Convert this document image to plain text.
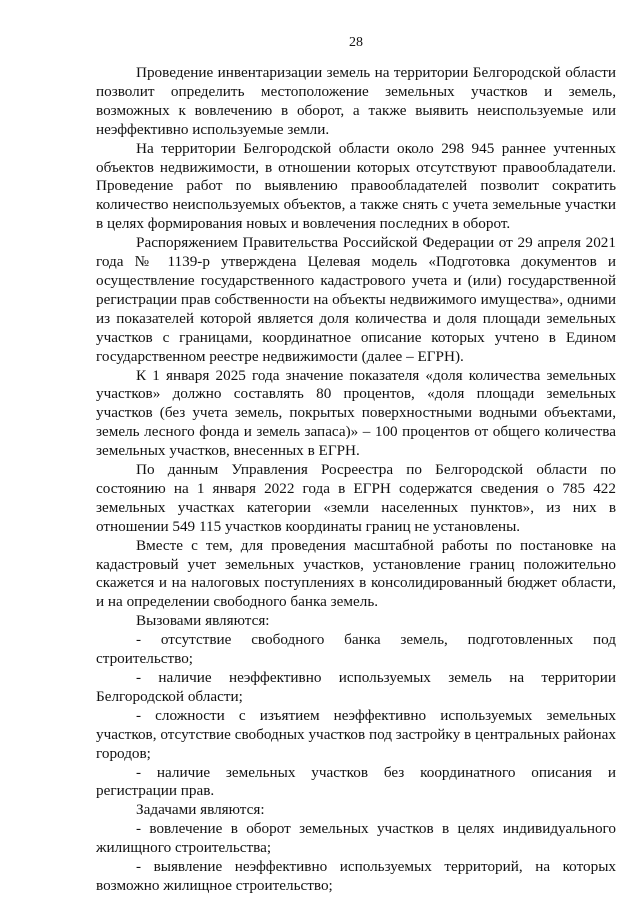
28

Проведение инвентаризации земель на территории Белгородской области позволит определить местоположение земельных участков и земель, возможных к вовлечению в оборот, а также выявить неиспользуемые или неэффективно используемые земли.

На территории Белгородской области около 298 945 раннее учтенных объектов недвижимости, в отношении которых отсутствуют правообладатели. Проведение работ по выявлению правообладателей позволит сократить количество неиспользуемых объектов, а также снять с учета земельные участки в целях формирования новых и вовлечения последних в оборот.

Распоряжением Правительства Российской Федерации от 29 апреля 2021 года № 1139-р утверждена Целевая модель «Подготовка документов и осуществление государственного кадастрового учета и (или) государственной регистрации прав собственности на объекты недвижимого имущества», одними из показателей которой является доля количества и доля площади земельных участков с границами, координатное описание которых учтено в Едином государственном реестре недвижимости (далее – ЕГРН).

К 1 января 2025 года значение показателя «доля количества земельных участков» должно составлять 80 процентов, «доля площади земельных участков (без учета земель, покрытых поверхностными водными объектами, земель лесного фонда и земель запаса)» – 100 процентов от общего количества земельных участков, внесенных в ЕГРН.

По данным Управления Росреестра по Белгородской области по состоянию на 1 января 2022 года в ЕГРН содержатся сведения о 785 422 земельных участках категории «земли населенных пунктов», из них в отношении 549 115 участков координаты границ не установлены.

Вместе с тем, для проведения масштабной работы по постановке на кадастровый учет земельных участков, установление границ положительно скажется и на налоговых поступлениях в консолидированный бюджет области, и на определении свободного банка земель.

Вызовами являются:

- отсутствие свободного банка земель, подготовленных под строительство;

- наличие неэффективно используемых земель на территории Белгородской области;

- сложности с изъятием неэффективно используемых земельных участков, отсутствие свободных участков под застройку в центральных районах городов;

- наличие земельных участков без координатного описания и регистрации прав.

Задачами являются:

- вовлечение в оборот земельных участков в целях индивидуального жилищного строительства;

- выявление неэффективно используемых территорий, на которых возможно жилищное строительство;
